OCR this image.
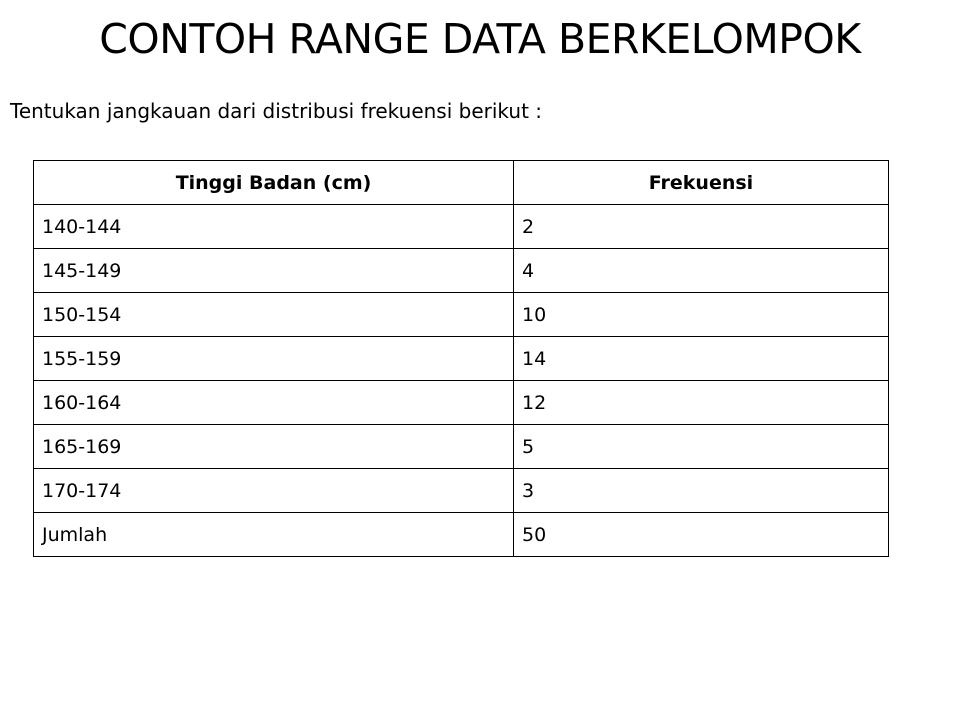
CONTOH RANGE DATA BERKELOMPOK
Tentukan jangkauan dari distribusi frekuensi berikut :
Tinggi Badan (cm)	Frekuensi
140-144	2
145-149	4
150-154	10
155-159	14
160-164	12
165-169	5
170-174	3
Jumlah	50
